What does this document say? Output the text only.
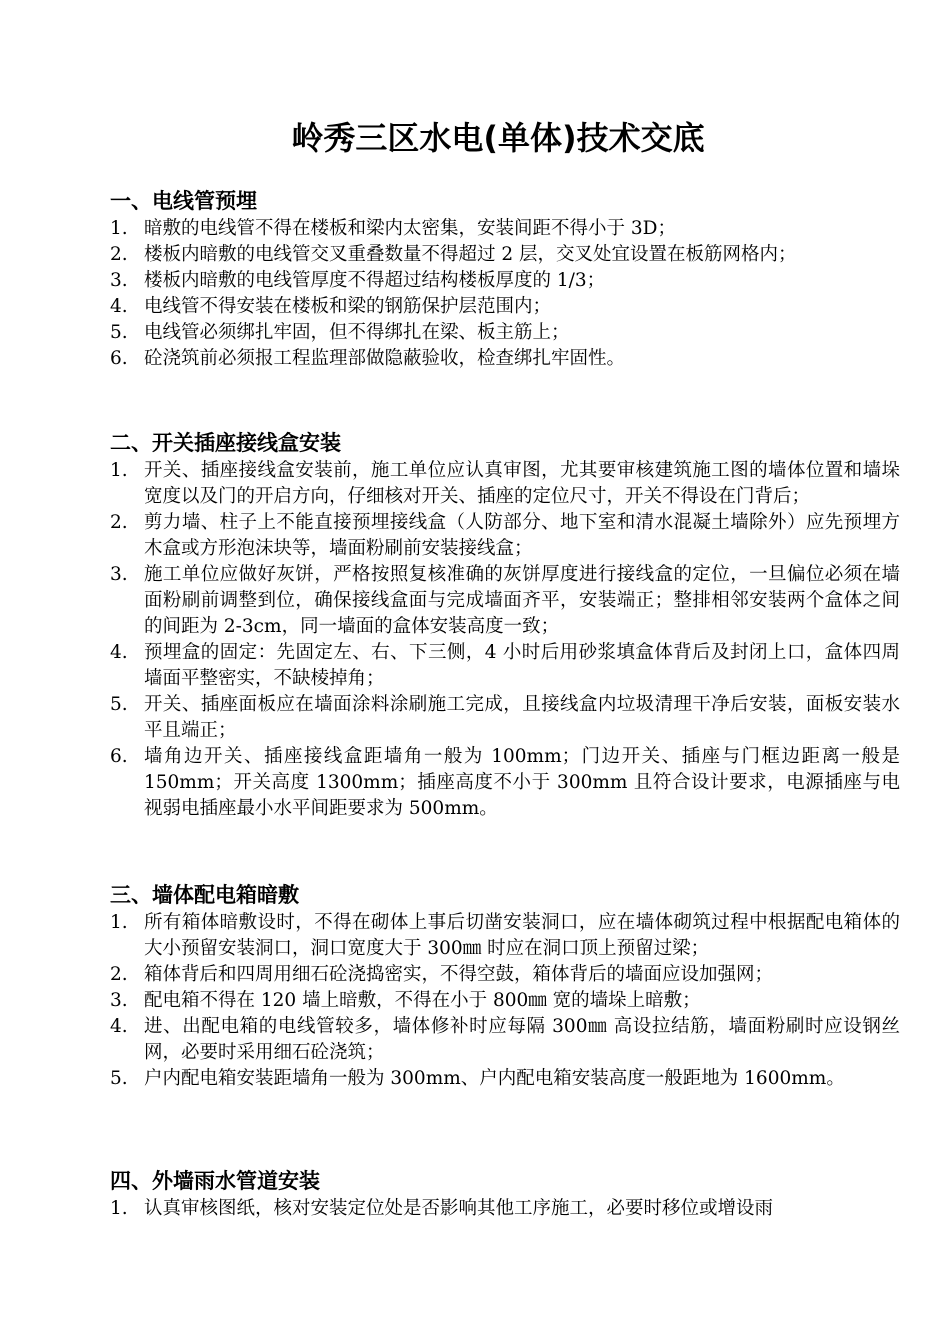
岭秀三区水电(单体)技术交底
一、电线管预埋
1. 暗敷的电线管不得在楼板和梁内太密集，安装间距不得小于 3D；
2. 楼板内暗敷的电线管交叉重叠数量不得超过 2 层，交叉处宜设置在板筋网格内；
3. 楼板内暗敷的电线管厚度不得超过结构楼板厚度的 1/3；
4. 电线管不得安装在楼板和梁的钢筋保护层范围内；
5. 电线管必须绑扎牢固，但不得绑扎在梁、板主筋上；
6. 砼浇筑前必须报工程监理部做隐蔽验收，检查绑扎牢固性。
二、开关插座接线盒安装
1. 开关、插座接线盒安装前，施工单位应认真审图，尤其要审核建筑施工图的墙体位置和墙垛宽度以及门的开启方向，仔细核对开关、插座的定位尺寸，开关不得设在门背后；
2. 剪力墙、柱子上不能直接预埋接线盒（人防部分、地下室和清水混凝土墙除外）应先预埋方木盒或方形泡沫块等，墙面粉刷前安装接线盒；
3. 施工单位应做好灰饼，严格按照复核准确的灰饼厚度进行接线盒的定位，一旦偏位必须在墙面粉刷前调整到位，确保接线盒面与完成墙面齐平，安装端正；整排相邻安装两个盒体之间的间距为 2-3cm，同一墙面的盒体安装高度一致；
4. 预埋盒的固定：先固定左、右、下三侧，4 小时后用砂浆填盒体背后及封闭上口，盒体四周墙面平整密实，不缺棱掉角；
5. 开关、插座面板应在墙面涂料涂刷施工完成，且接线盒内垃圾清理干净后安装，面板安装水平且端正；
6. 墙角边开关、插座接线盒距墙角一般为 100mm；门边开关、插座与门框边距离一般是 150mm；开关高度 1300mm；插座高度不小于 300mm 且符合设计要求，电源插座与电视弱电插座最小水平间距要求为 500mm。
三、墙体配电箱暗敷
1. 所有箱体暗敷设时，不得在砌体上事后切凿安装洞口，应在墙体砌筑过程中根据配电箱体的大小预留安装洞口，洞口宽度大于 300㎜ 时应在洞口顶上预留过梁；
2. 箱体背后和四周用细石砼浇捣密实，不得空鼓，箱体背后的墙面应设加强网；
3. 配电箱不得在 120 墙上暗敷，不得在小于 800㎜ 宽的墙垛上暗敷；
4. 进、出配电箱的电线管较多，墙体修补时应每隔 300㎜ 高设拉结筋，墙面粉刷时应设钢丝网，必要时采用细石砼浇筑；
5. 户内配电箱安装距墙角一般为 300mm、户内配电箱安装高度一般距地为 1600mm。
四、外墙雨水管道安装
1. 认真审核图纸，核对安装定位处是否影响其他工序施工，必要时移位或增设雨
